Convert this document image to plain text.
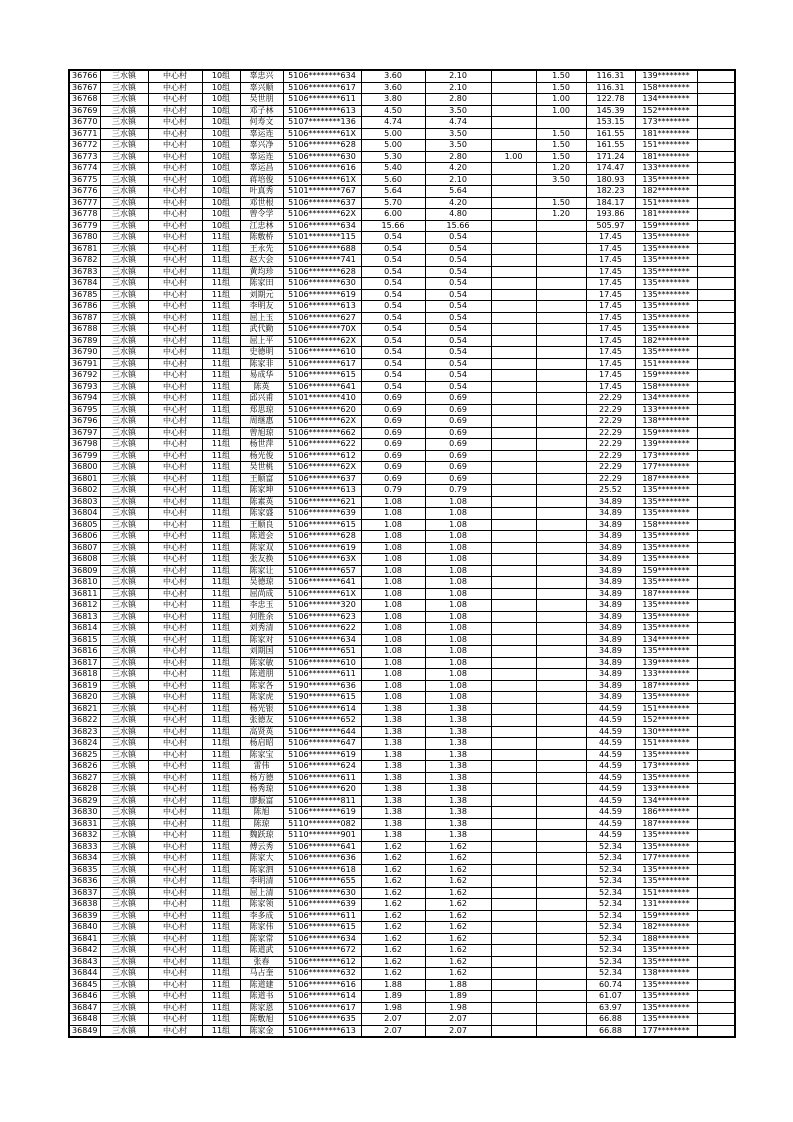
36766	三水镇	中心村	10组	辜忠兴	5106********634	3.60	2.10		1.50	116.31	139********	
36767	三水镇	中心村	10组	辜兴顺	5106********617	3.60	2.10		1.50	116.31	158********	
36768	三水镇	中心村	10组	吴世朋	5106********611	3.80	2.80		1.00	122.78	134********	
36769	三水镇	中心村	10组	邓子林	5106********613	4.50	3.50		1.00	145.39	152********	
36770	三水镇	中心村	10组	何寿文	5107********136	4.74	4.74			153.15	173********	
36771	三水镇	中心村	10组	辜运连	5106********61X	5.00	3.50		1.50	161.55	181********	
36772	三水镇	中心村	10组	辜兴净	5106********628	5.00	3.50		1.50	161.55	151********	
36773	三水镇	中心村	10组	辜运连	5106********630	5.30	2.80	1.00	1.50	171.24	181********	
36774	三水镇	中心村	10组	辜运昌	5106********616	5.40	4.20		1.20	174.47	133********	
36775	三水镇	中心村	10组	蒋培俊	5106********61X	5.60	2.10		3.50	180.93	135********	
36776	三水镇	中心村	10组	叶真秀	5101********767	5.64	5.64			182.23	182********	
36777	三水镇	中心村	10组	邓世根	5106********637	5.70	4.20		1.50	184.17	151********	
36778	三水镇	中心村	10组	曾令学	5106********62X	6.00	4.80		1.20	193.86	181********	
36779	三水镇	中心村	10组	江忠林	5106********634	15.66	15.66			505.97	159********	
36780	三水镇	中心村	11组	陈敷桥	5101********115	0.54	0.54			17.45	135********	
36781	三水镇	中心村	11组	王永先	5106********688	0.54	0.54			17.45	135********	
36782	三水镇	中心村	11组	赵大会	5106********741	0.54	0.54			17.45	135********	
36783	三水镇	中心村	11组	黄均珍	5106********628	0.54	0.54			17.45	135********	
36784	三水镇	中心村	11组	陈家田	5106********630	0.54	0.54			17.45	135********	
36785	三水镇	中心村	11组	刘期元	5106********619	0.54	0.54			17.45	135********	
36786	三水镇	中心村	11组	李明友	5106********613	0.54	0.54			17.45	135********	
36787	三水镇	中心村	11组	屈上玉	5106********627	0.54	0.54			17.45	135********	
36788	三水镇	中心村	11组	武代勤	5106********70X	0.54	0.54			17.45	135********	
36789	三水镇	中心村	11组	屈上平	5106********62X	0.54	0.54			17.45	182********	
36790	三水镇	中心村	11组	史德明	5106********610	0.54	0.54			17.45	135********	
36791	三水镇	中心村	11组	陈家非	5106********617	0.54	0.54			17.45	151********	
36792	三水镇	中心村	11组	易成华	5106********615	0.54	0.54			17.45	159********	
36793	三水镇	中心村	11组	陈英	5106********641	0.54	0.54			17.45	158********	
36794	三水镇	中心村	11组	邱兴甫	5101********410	0.69	0.69			22.29	134********	
36795	三水镇	中心村	11组	郑思琼	5106********620	0.69	0.69			22.29	133********	
36796	三水镇	中心村	11组	周继惠	5106********62X	0.69	0.69			22.29	138********	
36797	三水镇	中心村	11组	曾旭琼	5106********662	0.69	0.69			22.29	159********	
36798	三水镇	中心村	11组	杨世萍	5106********622	0.69	0.69			22.29	139********	
36799	三水镇	中心村	11组	杨光俊	5106********612	0.69	0.69			22.29	173********	
36800	三水镇	中心村	11组	吴世桃	5106********62X	0.69	0.69			22.29	177********	
36801	三水镇	中心村	11组	王顺富	5106********637	0.69	0.69			22.29	187********	
36802	三水镇	中心村	11组	陈家坤	5106********613	0.79	0.79			25.52	135********	
36803	三水镇	中心村	11组	陈素英	5106********621	1.08	1.08			34.89	135********	
36804	三水镇	中心村	11组	陈家盛	5106********639	1.08	1.08			34.89	135********	
36805	三水镇	中心村	11组	王顺良	5106********615	1.08	1.08			34.89	158********	
36806	三水镇	中心村	11组	陈道会	5106********628	1.08	1.08			34.89	135********	
36807	三水镇	中心村	11组	陈家双	5106********619	1.08	1.08			34.89	135********	
36808	三水镇	中心村	11组	张友换	5106********63X	1.08	1.08			34.89	135********	
36809	三水镇	中心村	11组	陈家让	5106********657	1.08	1.08			34.89	159********	
36810	三水镇	中心村	11组	吴德琼	5106********641	1.08	1.08			34.89	135********	
36811	三水镇	中心村	11组	屈尚成	5106********61X	1.08	1.08			34.89	187********	
36812	三水镇	中心村	11组	李忠玉	5106********320	1.08	1.08			34.89	135********	
36813	三水镇	中心村	11组	何胜余	5106********623	1.08	1.08			34.89	135********	
36814	三水镇	中心村	11组	刘秀清	5106********622	1.08	1.08			34.89	135********	
36815	三水镇	中心村	11组	陈家对	5106********634	1.08	1.08			34.89	134********	
36816	三水镇	中心村	11组	刘期国	5106********651	1.08	1.08			34.89	135********	
36817	三水镇	中心村	11组	陈家敏	5106********610	1.08	1.08			34.89	139********	
36818	三水镇	中心村	11组	陈道朋	5106********611	1.08	1.08			34.89	133********	
36819	三水镇	中心村	11组	陈家各	5190********636	1.08	1.08			34.89	187********	
36820	三水镇	中心村	11组	陈家虎	5190********615	1.08	1.08			34.89	135********	
36821	三水镇	中心村	11组	杨光银	5106********614	1.38	1.38			44.59	151********	
36822	三水镇	中心村	11组	张德友	5106********652	1.38	1.38			44.59	152********	
36823	三水镇	中心村	11组	高贤英	5106********644	1.38	1.38			44.59	130********	
36824	三水镇	中心村	11组	杨启昭	5106********647	1.38	1.38			44.59	151********	
36825	三水镇	中心村	11组	陈家宝	5106********619	1.38	1.38			44.59	135********	
36826	三水镇	中心村	11组	雷伟	5106********624	1.38	1.38			44.59	173********	
36827	三水镇	中心村	11组	杨方德	5106********611	1.38	1.38			44.59	135********	
36828	三水镇	中心村	11组	杨秀琼	5106********620	1.38	1.38			44.59	133********	
36829	三水镇	中心村	11组	廖振富	5106********811	1.38	1.38			44.59	134********	
36830	三水镇	中心村	11组	陈旭	5106********619	1.38	1.38			44.59	186********	
36831	三水镇	中心村	11组	陈琼	5110********082	1.38	1.38			44.59	187********	
36832	三水镇	中心村	11组	魏跃琼	5110********901	1.38	1.38			44.59	135********	
36833	三水镇	中心村	11组	傅云秀	5106********641	1.62	1.62			52.34	135********	
36834	三水镇	中心村	11组	陈家大	5106********636	1.62	1.62			52.34	177********	
36835	三水镇	中心村	11组	陈家泗	5106********618	1.62	1.62			52.34	135********	
36836	三水镇	中心村	11组	李明清	5106********655	1.62	1.62			52.34	135********	
36837	三水镇	中心村	11组	屈上清	5106********630	1.62	1.62			52.34	151********	
36838	三水镇	中心村	11组	陈家领	5106********639	1.62	1.62			52.34	131********	
36839	三水镇	中心村	11组	李多成	5106********611	1.62	1.62			52.34	159********	
36840	三水镇	中心村	11组	陈家伟	5106********615	1.62	1.62			52.34	182********	
36841	三水镇	中心村	11组	陈家常	5106********634	1.62	1.62			52.34	188********	
36842	三水镇	中心村	11组	陈道武	5106********672	1.62	1.62			52.34	135********	
36843	三水镇	中心村	11组	张春	5106********612	1.62	1.62			52.34	135********	
36844	三水镇	中心村	11组	马占奎	5106********632	1.62	1.62			52.34	138********	
36845	三水镇	中心村	11组	陈道建	5106********616	1.88	1.88			60.74	135********	
36846	三水镇	中心村	11组	陈道书	5106********614	1.89	1.89			61.07	135********	
36847	三水镇	中心村	11组	陈家恩	5106********617	1.98	1.98			63.97	135********	
36848	三水镇	中心村	11组	陈敷旭	5106********635	2.07	2.07			66.88	135********	
36849	三水镇	中心村	11组	陈家金	5106********613	2.07	2.07			66.88	177********	
